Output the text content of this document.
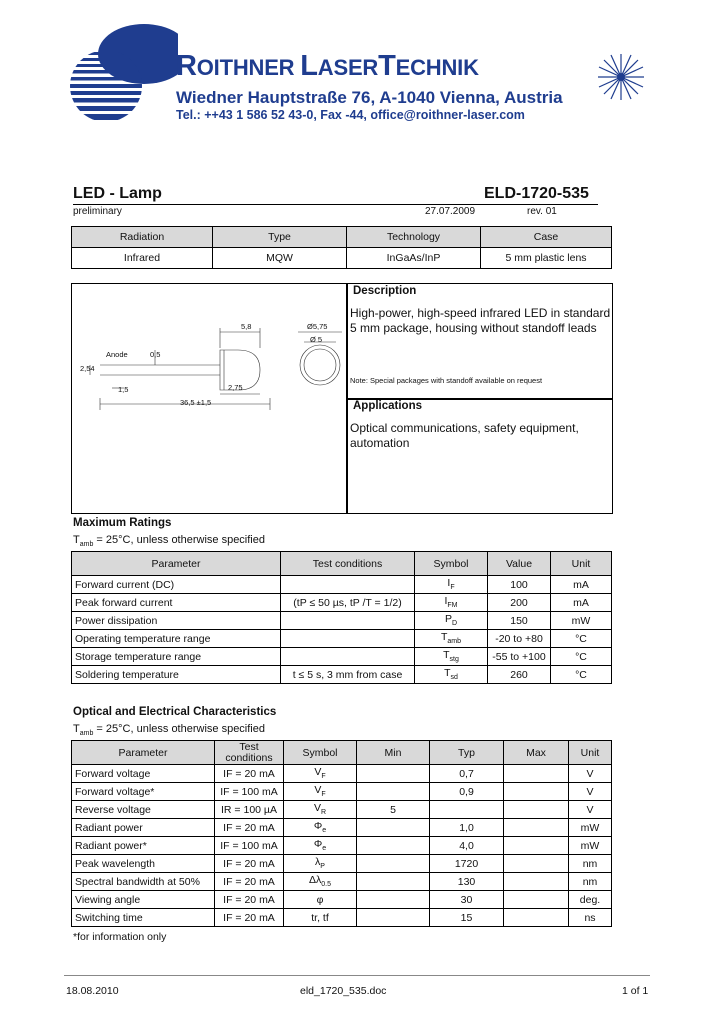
ROITHNER LASERTECHNIK
Wiedner Hauptstraße 76, A-1040 Vienna, Austria
Tel.: ++43 1 586 52 43-0, Fax -44, office@roithner-laser.com
LED - Lamp	ELD-1720-535
preliminary	27.07.2009	rev. 01
Radiation	Type	Technology	Case
Infrared	MQW	InGaAs/InP	5 mm plastic lens
5,8	Ø5,75
Ø 5
Anode
2,54
0,5
1,5	2,75
36,5 ±1,5
Description
High-power, high-speed infrared LED in standard
5 mm package, housing without standoff leads
Note: Special packages with standoff available on request
Applications
Optical communications, safety equipment,
automation
Maximum Ratings
$T_{amb} = 25^\circ C$, unless otherwise specified
Parameter	Test conditions	Symbol	Value	Unit
Forward current (DC)		$I_F$	100	mA
Peak forward current	(tP ≤ 50 µs, tP /T = 1/2)	$I_{FM}$	200	mA
Power dissipation		$P_D$	150	mW
Operating temperature range		$T_{amb}$	-20 to +80	°C
Storage temperature range		$T_{stg}$	-55 to +100	°C
Soldering temperature	t ≤ 5 s, 3 mm from case	$T_{sd}$	260	°C
Optical and Electrical Characteristics
$T_{amb} = 25^\circ C$, unless otherwise specified
Parameter	Test conditions	Symbol	Min	Typ	Max	Unit
Forward voltage	IF = 20 mA	$V_F$		0,7		V
Forward voltage*	IF = 100 mA	$V_F$		0,9		V
Reverse voltage	IR = 100 µA	$V_R$	5			V
Radiant power	IF = 20 mA	$\Phi_e$		1,0		mW
Radiant power*	IF = 100 mA	$\Phi_e$		4,0		mW
Peak wavelength	IF = 20 mA	$\lambda_P$		1720		nm
Spectral bandwidth at 50%	IF = 20 mA	$\Delta\lambda_{0.5}$		130		nm
Viewing angle	IF = 20 mA	φ		30		deg.
Switching time	IF = 20 mA	tr, tf		15		ns
*for information only
18.08.2010	eld_1720_535.doc	1 of 1
